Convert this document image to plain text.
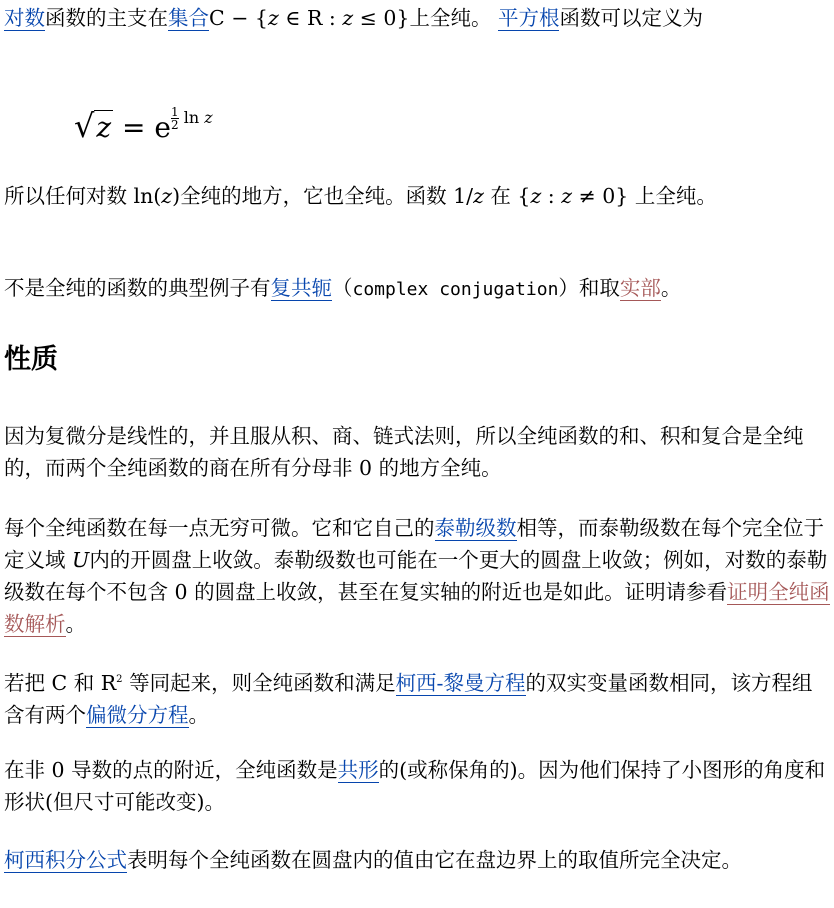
对数函数的主支在集合C − {z ∈ R : z ≤ 0}上全纯。 平方根函数可以定义为

√z = e $^{\frac{1}{2} ln z}$

所以任何对数 ln(z)全纯的地方，它也全纯。函数 1/z 在 {z : z ≠ 0} 上全纯。

不是全纯的函数的典型例子有复共轭（complex conjugation）和取实部。

性质

因为复微分是线性的，并且服从积、商、链式法则，所以全纯函数的和、积和复合是全纯的，而两个全纯函数的商在所有分母非 0 的地方全纯。

每个全纯函数在每一点无穷可微。它和它自己的泰勒级数相等，而泰勒级数在每个完全位于定义域 U内的开圆盘上收敛。泰勒级数也可能在一个更大的圆盘上收敛；例如，对数的泰勒级数在每个不包含 0 的圆盘上收敛，甚至在复实轴的附近也是如此。证明请参看证明全纯函数解析。

若把 C 和 $R^2$ 等同起来，则全纯函数和满足柯西-黎曼方程的双实变量函数相同，该方程组含有两个偏微分方程。

在非 0 导数的点的附近，全纯函数是共形的(或称保角的)。因为他们保持了小图形的角度和形状(但尺寸可能改变)。

柯西积分公式表明每个全纯函数在圆盘内的值由它在盘边界上的取值所完全决定。
